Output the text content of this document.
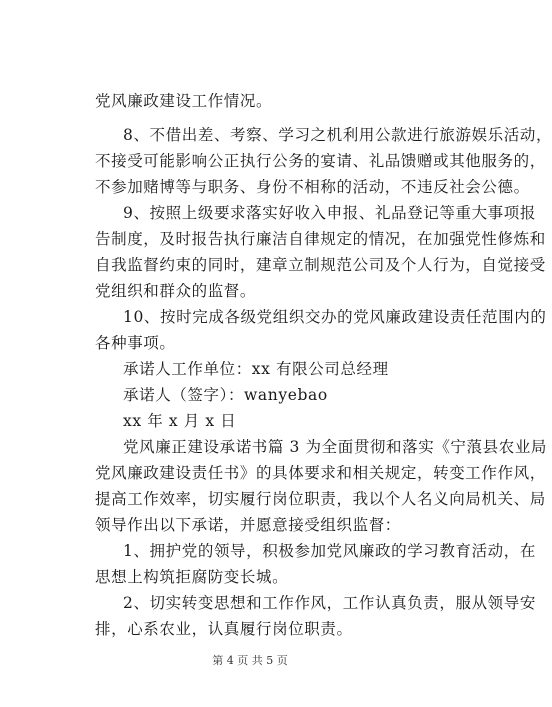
党风廉政建设工作情况。
8、不借出差、考察、学习之机利用公款进行旅游娱乐活动，
不接受可能影响公正执行公务的宴请、礼品馈赠或其他服务的，
不参加赌博等与职务、身份不相称的活动，不违反社会公德。
9、按照上级要求落实好收入申报、礼品登记等重大事项报
告制度，及时报告执行廉洁自律规定的情况，在加强党性修炼和
自我监督约束的同时，建章立制规范公司及个人行为，自觉接受
党组织和群众的监督。
10、按时完成各级党组织交办的党风廉政建设责任范围内的
各种事项。
承诺人工作单位：xx 有限公司总经理
承诺人（签字）：wanyebao
xx 年 x 月 x 日
党风廉正建设承诺书篇 3 为全面贯彻和落实《宁蒗县农业局
党风廉政建设责任书》的具体要求和相关规定，转变工作作风，
提高工作效率，切实履行岗位职责，我以个人名义向局机关、局
领导作出以下承诺，并愿意接受组织监督：
1、拥护党的领导，积极参加党风廉政的学习教育活动，在
思想上构筑拒腐防变长城。
2、切实转变思想和工作作风，工作认真负责，服从领导安
排，心系农业，认真履行岗位职责。
第 4 页 共 5 页
